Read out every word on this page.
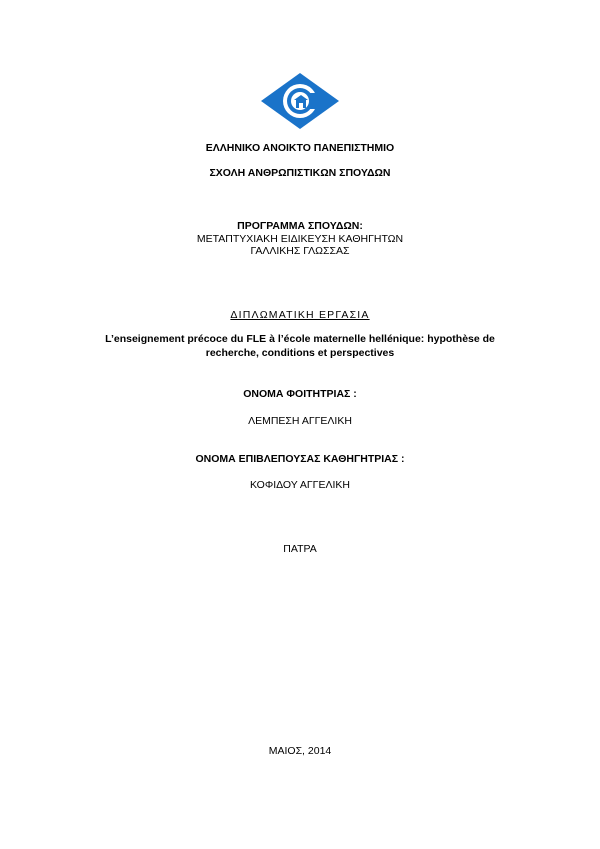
ΕΛΛΗΝΙΚΟ ΑΝΟΙΚΤΟ ΠΑΝΕΠΙΣΤΗΜΙΟ
ΣΧΟΛΗ ΑΝΘΡΩΠΙΣΤΙΚΩΝ ΣΠΟΥΔΩΝ
ΠΡΟΓΡΑΜΜΑ ΣΠΟΥΔΩΝ:
ΜΕΤΑΠΤΥΧΙΑΚΗ ΕΙΔΙΚΕΥΣΗ ΚΑΘΗΓΗΤΩΝ
ΓΑΛΛΙΚΗΣ ΓΛΩΣΣΑΣ
ΔΙΠΛΩΜΑΤΙΚΗ ΕΡΓΑΣΙΑ
L’enseignement précoce du FLE à l’école maternelle hellénique: hypothèse de recherche, conditions et perspectives
ΟΝΟΜΑ ΦΟΙΤΗΤΡΙΑΣ :
ΛΕΜΠΕΣΗ ΑΓΓΕΛΙΚΗ
ΟΝΟΜΑ ΕΠΙΒΛΕΠΟΥΣΑΣ ΚΑΘΗΓΗΤΡΙΑΣ :
ΚΟΦΙΔΟΥ ΑΓΓΕΛΙΚΗ
ΠΑΤΡΑ
ΜΑΙΟΣ, 2014
